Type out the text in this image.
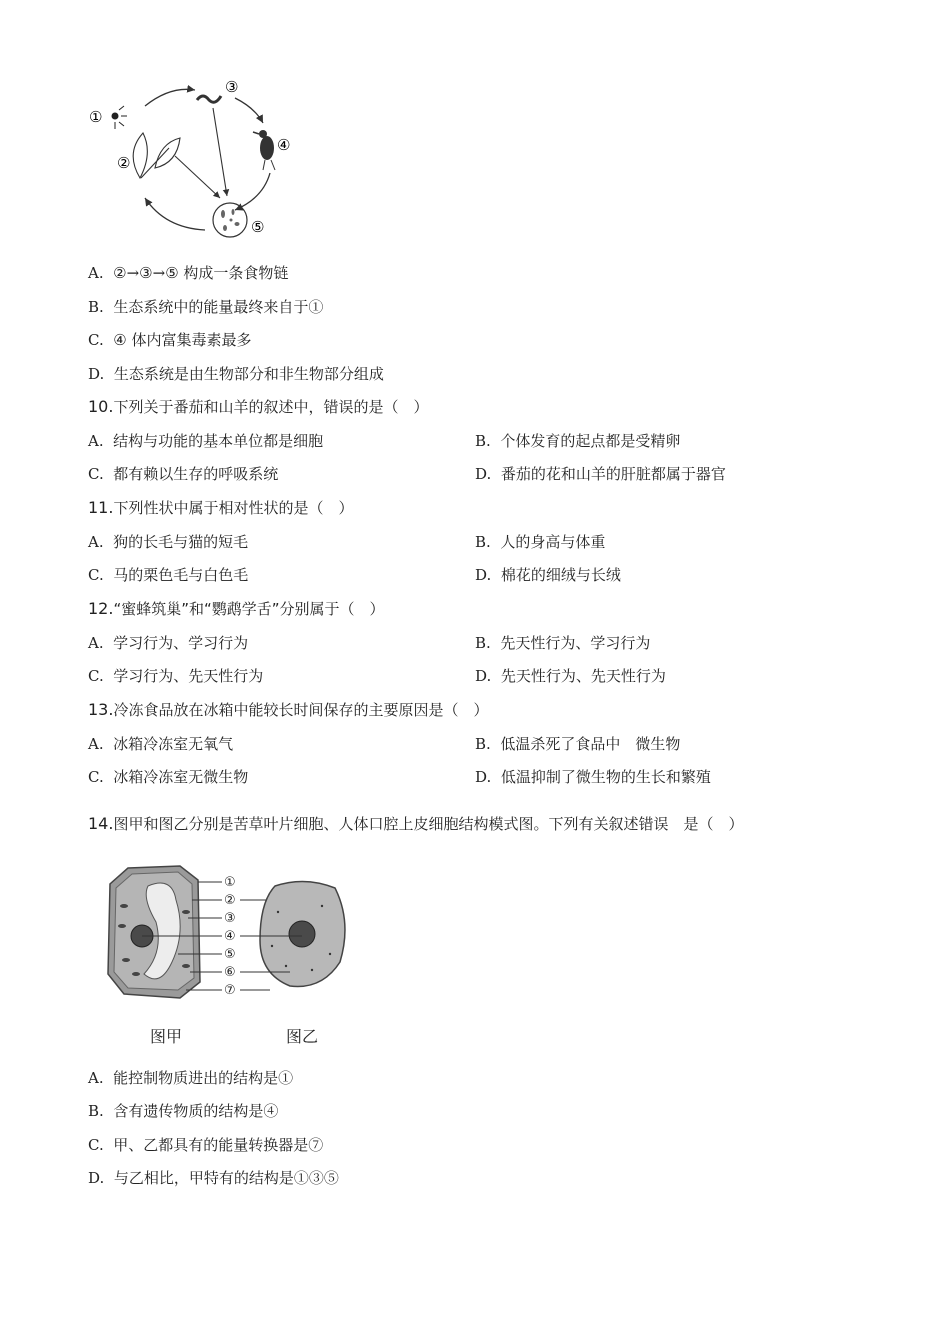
①
②
③
④
⑤
A. ②→③→⑤ 构成一条食物链
B. 生态系统中的能量最终来自于①
C. ④ 体内富集毒素最多
D. 生态系统是由生物部分和非生物部分组成
10.下列关于番茄和山羊的叙述中，错误的是（　）
A. 结构与功能的基本单位都是细胞	B. 个体发育的起点都是受精卵
C. 都有赖以生存的呼吸系统	D. 番茄的花和山羊的肝脏都属于器官
11.下列性状中属于相对性状的是（　）
A. 狗的长毛与猫的短毛	B. 人的身高与体重
C. 马的栗色毛与白色毛	D. 棉花的细绒与长绒
12.“蜜蜂筑巢”和“鹦鹉学舌”分别属于（　）
A. 学习行为、学习行为	B. 先天性行为、学习行为
C. 学习行为、先天性行为	D. 先天性行为、先天性行为
13.冷冻食品放在冰箱中能较长时间保存的主要原因是（　）
A. 冰箱冷冻室无氧气	B. 低温杀死了食品中　微生物
C. 冰箱冷冻室无微生物	D. 低温抑制了微生物的生长和繁殖
14.图甲和图乙分别是苦草叶片细胞、人体口腔上皮细胞结构模式图。下列有关叙述错误　是（　）
①
②
③
④
⑤
⑥
⑦
图甲	图乙
A. 能控制物质进出的结构是①
B. 含有遗传物质的结构是④
C. 甲、乙都具有的能量转换器是⑦
D. 与乙相比，甲特有的结构是①③⑤
